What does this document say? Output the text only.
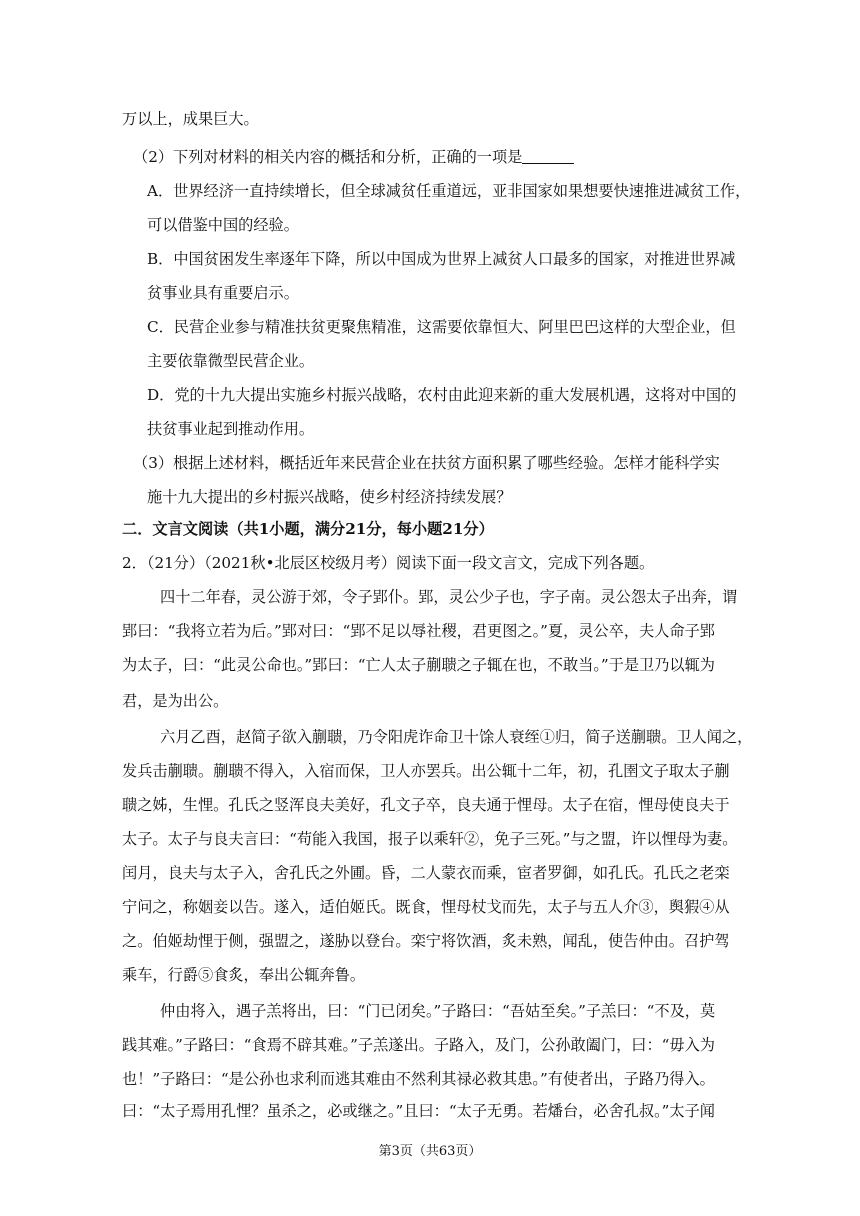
万以上，成果巨大。
（2）下列对材料的相关内容的概括和分析，正确的一项是
A．世界经济一直持续增长，但全球减贫任重道远，亚非国家如果想要快速推进减贫工作，
可以借鉴中国的经验。
B．中国贫困发生率逐年下降，所以中国成为世界上减贫人口最多的国家，对推进世界减
贫事业具有重要启示。
C．民营企业参与精准扶贫更聚焦精准，这需要依靠恒大、阿里巴巴这样的大型企业，但
主要依靠微型民营企业。
D．党的十九大提出实施乡村振兴战略，农村由此迎来新的重大发展机遇，这将对中国的
扶贫事业起到推动作用。
（3）根据上述材料，概括近年来民营企业在扶贫方面积累了哪些经验。怎样才能科学实
施十九大提出的乡村振兴战略，使乡村经济持续发展？
二．文言文阅读（共1小题，满分21分，每小题21分）
2．（21分）（2021秋•北辰区校级月考）阅读下面一段文言文，完成下列各题。
四十二年春，灵公游于郊，令子郢仆。郢，灵公少子也，字子南。灵公怨太子出奔，谓
郢曰：“我将立若为后。”郢对曰：“郢不足以辱社稷，君更图之。”夏，灵公卒，夫人命子郢
为太子，曰：“此灵公命也。”郢曰：“亡人太子蒯聩之子辄在也，不敢当。”于是卫乃以辄为
君，是为出公。
六月乙酉，赵简子欲入蒯聩，乃令阳虎诈命卫十馀人衰绖①归，简子送蒯聩。卫人闻之，
发兵击蒯聩。蒯聩不得入，入宿而保，卫人亦罢兵。出公辄十二年，初，孔圉文子取太子蒯
聩之姊，生悝。孔氏之竖浑良夫美好，孔文子卒，良夫通于悝母。太子在宿，悝母使良夫于
太子。太子与良夫言曰：“苟能入我国，报子以乘轩②，免子三死。”与之盟，许以悝母为妻。
闰月，良夫与太子入，舍孔氏之外圃。昏，二人蒙衣而乘，宦者罗御，如孔氏。孔氏之老栾
宁问之，称姻妾以告。遂入，适伯姬氏。既食，悝母杖戈而先，太子与五人介③，舆猳④从
之。伯姬劫悝于侧，强盟之，遂胁以登台。栾宁将饮酒，炙未熟，闻乱，使告仲由。召护驾
乘车，行爵⑤食炙，奉出公辄奔鲁。
仲由将入，遇子羔将出，曰：“门已闭矣。”子路曰：“吾姑至矣。”子羔曰：“不及，莫
践其难。”子路曰：“食焉不辟其难。”子羔遂出。子路入，及门，公孙敢阖门，曰：“毋入为
也！”子路曰：“是公孙也求利而逃其难由不然利其禄必救其患。”有使者出，子路乃得入。
曰：“太子焉用孔悝？虽杀之，必或继之。”且曰：“太子无勇。若燔台，必舍孔叔。”太子闻
第3页（共63页）
